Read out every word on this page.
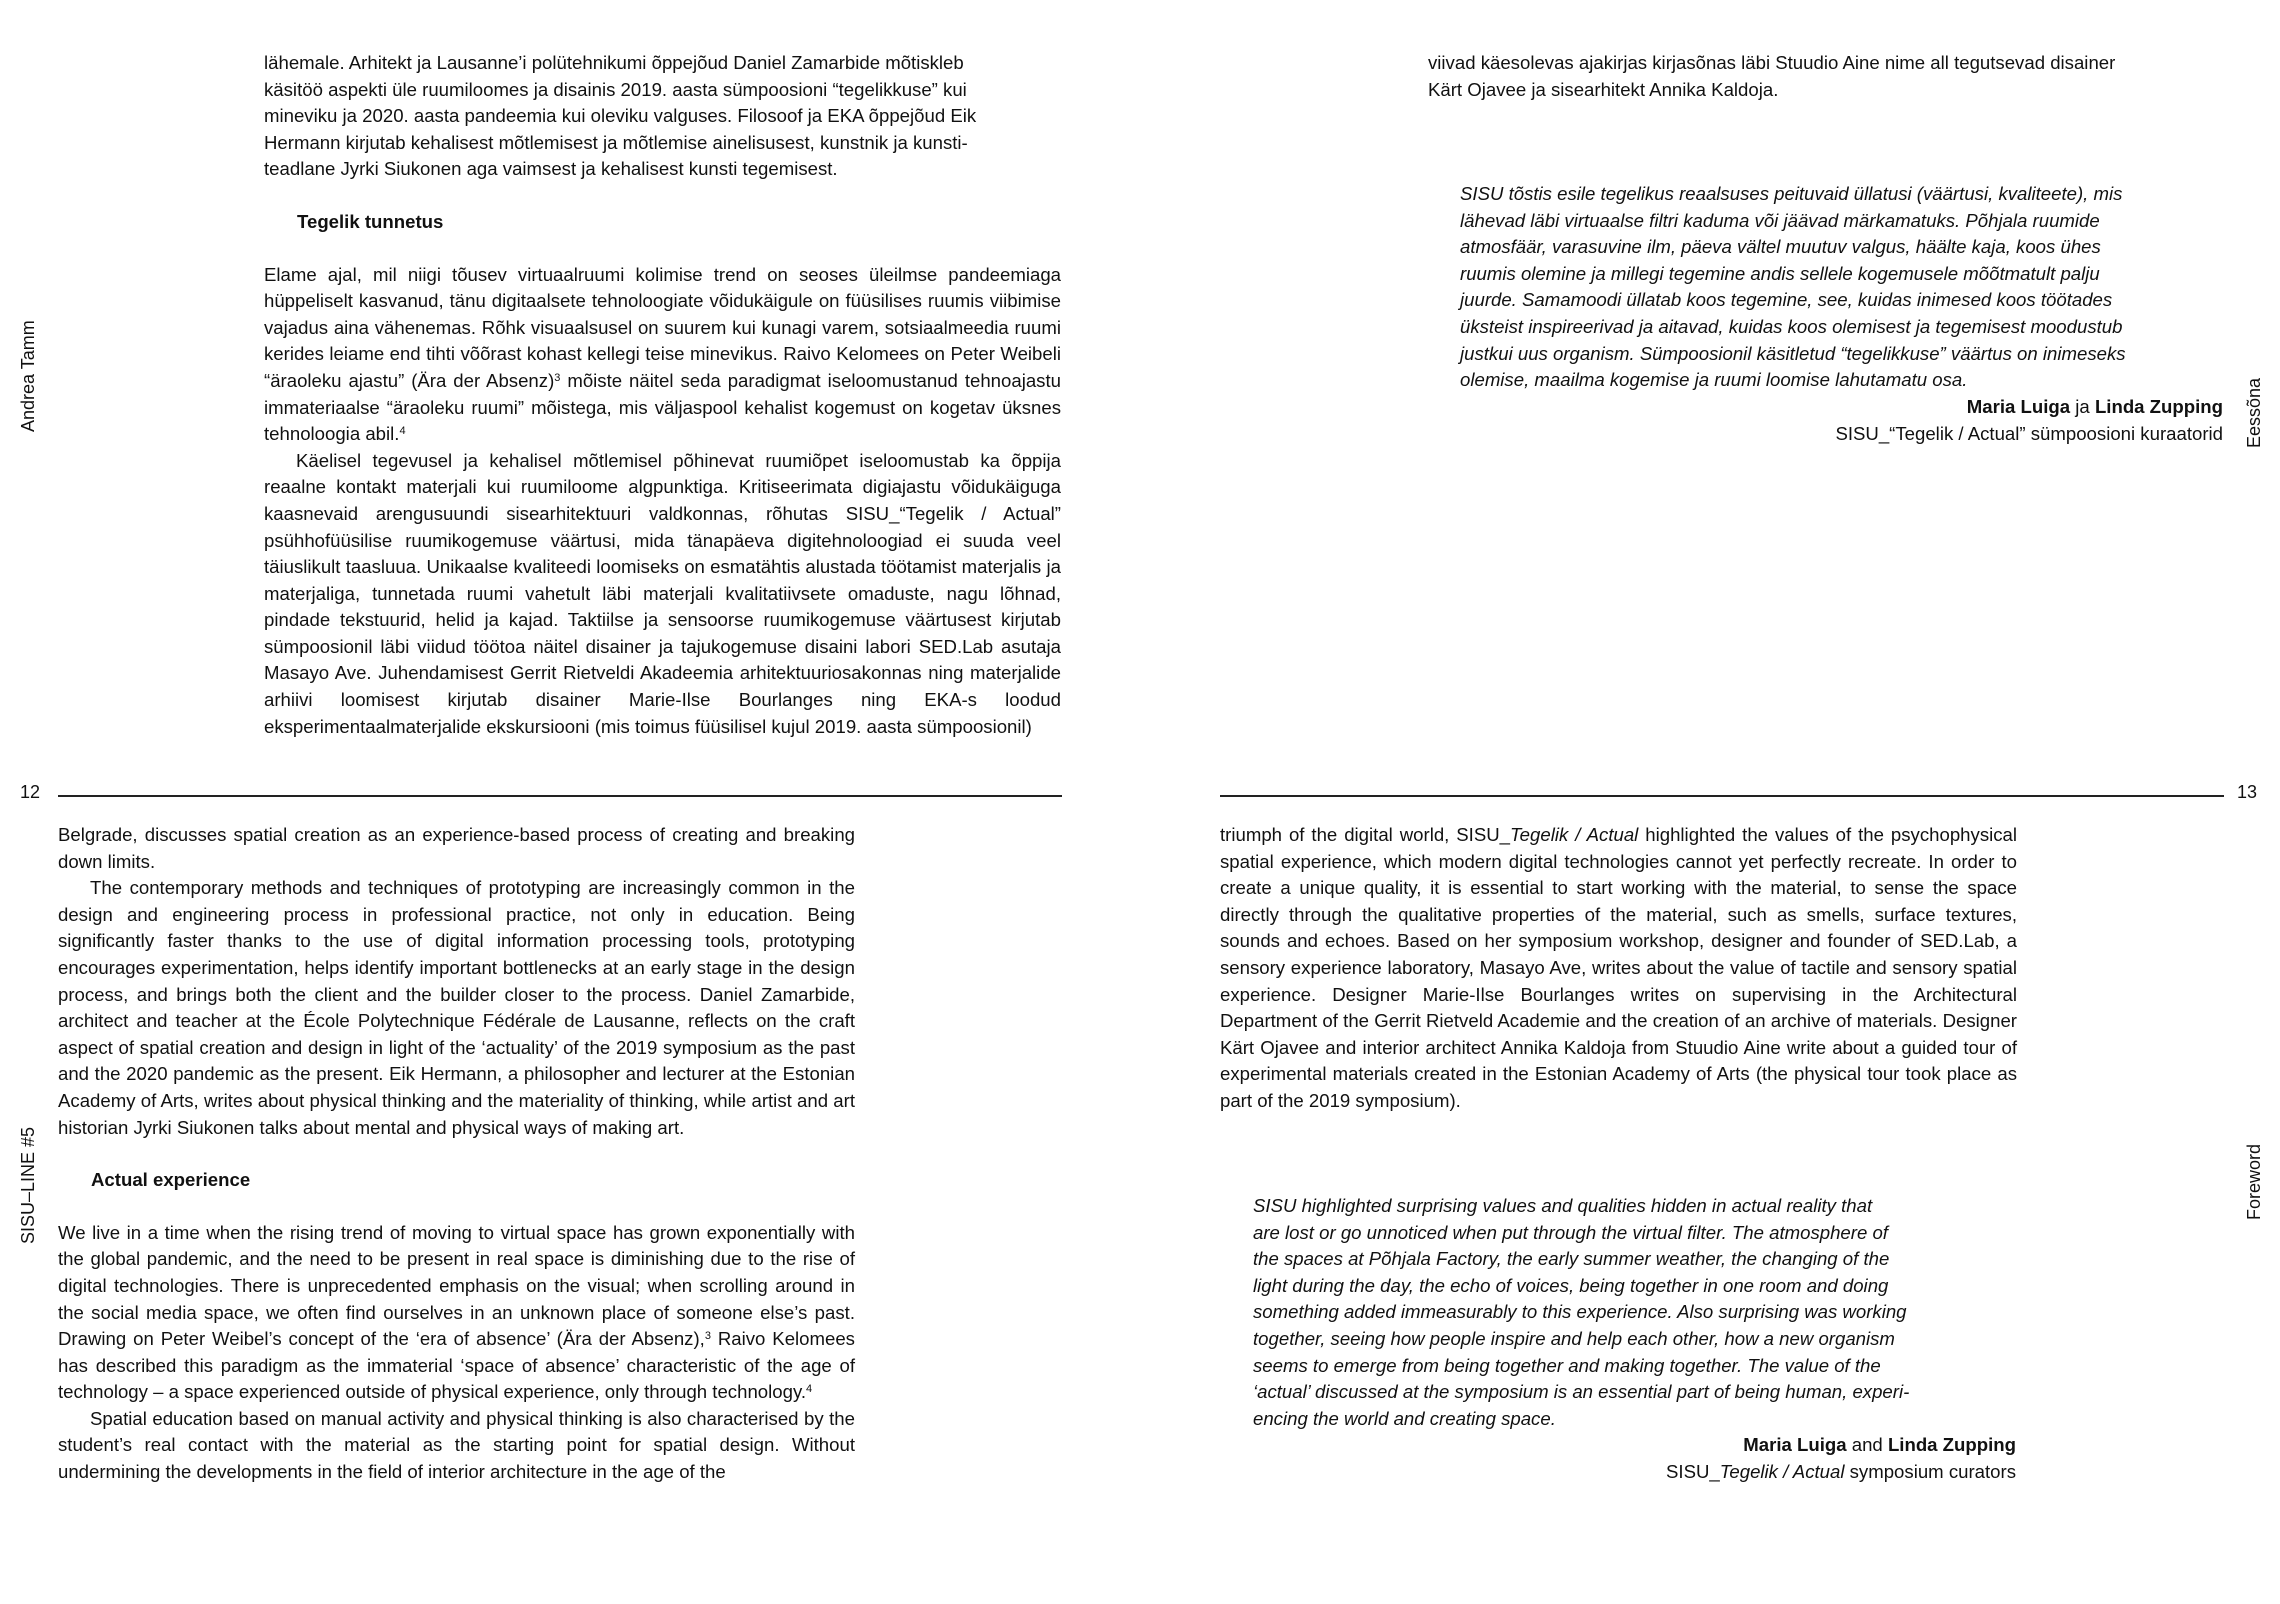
Andrea Tamm
SISU–LINE #5
Eessõna
Foreword
12	13
lähemale. Arhitekt ja Lausanne’i polütehnikumi õppejõud Daniel Zamarbide mõtiskleb
käsitöö aspekti üle ruumiloomes ja disainis 2019. aasta sümpoosioni “tegelikkuse” kui
mineviku ja 2020. aasta pandeemia kui oleviku valguses. Filosoof ja EKA õppejõud Eik
Hermann kirjutab kehalisest mõtlemisest ja mõtlemise ainelisusest, kunstnik ja kunsti-
teadlane Jyrki Siukonen aga vaimsest ja kehalisest kunsti tegemisest.
Tegelik tunnetus

Elame ajal, mil niigi tõusev virtuaalruumi kolimise trend on seoses üleilmse pandeemiaga hüppeliselt kasvanud, tänu digitaalsete tehnoloogiate võidukäigule on füüsilises ruumis viibimise vajadus aina vähenemas. Rõhk visuaalsusel on suurem kui kunagi varem, sotsiaalmeedia ruumi kerides leiame end tihti võõrast kohast kellegi teise minevikus. Raivo Kelomees on Peter Weibeli “äraoleku ajastu” (Ära der Absenz)$^3$ mõiste näitel seda paradigmat iseloomustanud tehnoajastu immateriaalse “äraoleku ruumi” mõistega, mis väljaspool kehalist kogemust on kogetav üksnes tehnoloogia abil.$^4$

Käelisel tegevusel ja kehalisel mõtlemisel põhinevat ruumiõpet iseloomustab ka õppija reaalne kontakt materjali kui ruumiloome algpunktiga. Kritiseerimata digiajastu võidukäiguga kaasnevaid arengusuundi sisearhitektuuri valdkonnas, rõhutas SISU_“Tegelik / Actual” psühhofüüsilise ruumikogemuse väärtusi, mida tänapäeva digitehnoloogiad ei suuda veel täiuslikult taasluua. Unikaalse kvaliteedi loomiseks on esmatähtis alustada töötamist materjalis ja materjaliga, tunnetada ruumi vahetult läbi materjali kvalitatiivsete omaduste, nagu lõhnad, pindade tekstuurid, helid ja kajad. Taktiilse ja sensoorse ruumikogemuse väärtusest kirjutab sümpoosionil läbi viidud töötoa näitel disainer ja tajukogemuse disaini labori SED.Lab asutaja Masayo Ave. Juhendamisest Gerrit Rietveldi Akadeemia arhitektuuriosakonnas ning materjalide arhiivi loomisest kirjutab disainer Marie-Ilse Bourlanges ning EKA-s loodud eksperimentaalmaterjalide ekskursiooni (mis toimus füüsilisel kujul 2019. aasta sümpoosionil)

viivad käesolevas ajakirjas kirjasõnas läbi Stuudio Aine nime all tegutsevad disainer
Kärt Ojavee ja sisearhitekt Annika Kaldoja.
SISU tõstis esile tegelikus reaalsuses peituvaid üllatusi (väärtusi, kvaliteete), mis
lähevad läbi virtuaalse filtri kaduma või jäävad märkamatuks. Põhjala ruumide
atmosfäär, varasuvine ilm, päeva vältel muutuv valgus, häälte kaja, koos ühes
ruumis olemine ja millegi tegemine andis sellele kogemusele mõõtmatult palju
juurde. Samamoodi üllatab koos tegemine, see, kuidas inimesed koos töötades
üksteist inspireerivad ja aitavad, kuidas koos olemisest ja tegemisest moodustub
justkui uus organism. Sümpoosionil käsitletud “tegelikkuse” väärtus on inimeseks
olemise, maailma kogemise ja ruumi loomise lahutamatu osa.
Maria Luiga ja Linda Zupping
SISU_“Tegelik / Actual” sümpoosioni kuraatorid

Belgrade, discusses spatial creation as an experience-based process of creating and breaking down limits.

The contemporary methods and techniques of prototyping are increasingly common in the design and engineering process in professional practice, not only in education. Being significantly faster thanks to the use of digital information processing tools, prototyping encourages experimentation, helps identify important bottlenecks at an early stage in the design process, and brings both the client and the builder closer to the process. Daniel Zamarbide, architect and teacher at the École Polytechnique Fédérale de Lausanne, reflects on the craft aspect of spatial creation and design in light of the ‘actuality’ of the 2019 symposium as the past and the 2020 pandemic as the present. Eik Hermann, a philosopher and lecturer at the Estonian Academy of Arts, writes about physical thinking and the materiality of thinking, while artist and art historian Jyrki Siukonen talks about mental and physical ways of making art.

Actual experience

We live in a time when the rising trend of moving to virtual space has grown exponentially with the global pandemic, and the need to be present in real space is diminishing due to the rise of digital technologies. There is unprecedented emphasis on the visual; when scrolling around in the social media space, we often find ourselves in an unknown place of someone else’s past. Drawing on Peter Weibel’s concept of the ‘era of absence’ (Ära der Absenz),$^3$ Raivo Kelomees has described this paradigm as the immaterial ‘space of absence’ characteristic of the age of technology – a space experienced outside of physical experience, only through technology.$^4$

Spatial education based on manual activity and physical thinking is also characterised by the student’s real contact with the material as the starting point for spatial design. Without undermining the developments in the field of interior architecture in the age of the

triumph of the digital world, SISU_Tegelik / Actual highlighted the values of the psychophysical spatial experience, which modern digital technologies cannot yet perfectly recreate. In order to create a unique quality, it is essential to start working with the material, to sense the space directly through the qualitative properties of the material, such as smells, surface textures, sounds and echoes. Based on her symposium workshop, designer and founder of SED.Lab, a sensory experience laboratory, Masayo Ave, writes about the value of tactile and sensory spatial experience. Designer Marie-Ilse Bourlanges writes on supervising in the Architectural Department of the Gerrit Rietveld Academie and the creation of an archive of materials. Designer Kärt Ojavee and interior architect Annika Kaldoja from Stuudio Aine write about a guided tour of experimental materials created in the Estonian Academy of Arts (the physical tour took place as part of the 2019 symposium).

SISU highlighted surprising values and qualities hidden in actual reality that
are lost or go unnoticed when put through the virtual filter. The atmosphere of
the spaces at Põhjala Factory, the early summer weather, the changing of the
light during the day, the echo of voices, being together in one room and doing
something added immeasurably to this experience. Also surprising was working
together, seeing how people inspire and help each other, how a new organism
seems to emerge from being together and making together. The value of the
‘actual’ discussed at the symposium is an essential part of being human, experi-
encing the world and creating space.
Maria Luiga and Linda Zupping
SISU_Tegelik / Actual symposium curators
